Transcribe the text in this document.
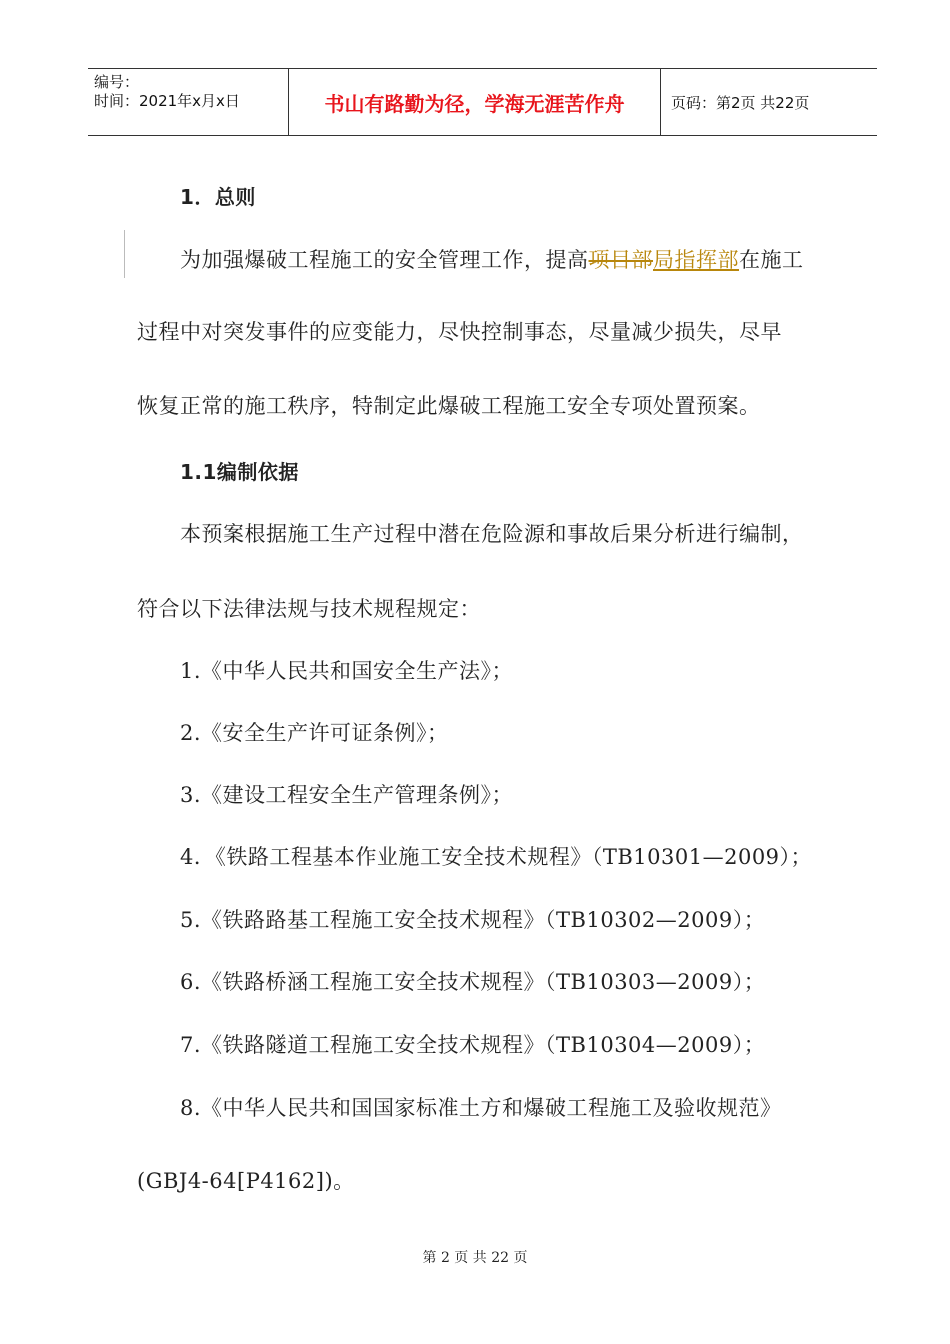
编号：
时间：2021年x月x日	书山有路勤为径，学海无涯苦作舟	页码：第2页 共22页
1．总则
为加强爆破工程施工的安全管理工作，提高项目部局指挥部在施工
过程中对突发事件的应变能力，尽快控制事态，尽量减少损失，尽早
恢复正常的施工秩序，特制定此爆破工程施工安全专项处置预案。
1.1编制依据
本预案根据施工生产过程中潜在危险源和事故后果分析进行编制，
符合以下法律法规与技术规程规定：
1.《中华人民共和国安全生产法》；
2.《安全生产许可证条例》；
3.《建设工程安全生产管理条例》；
4．《铁路工程基本作业施工安全技术规程》（TB10301—2009）；
5.《铁路路基工程施工安全技术规程》（TB10302—2009）；
6.《铁路桥涵工程施工安全技术规程》（TB10303—2009）；
7.《铁路隧道工程施工安全技术规程》（TB10304—2009）；
8.《中华人民共和国国家标准土方和爆破工程施工及验收规范》
(GBJ4-64[P4162])。
第 2 页 共 22 页
